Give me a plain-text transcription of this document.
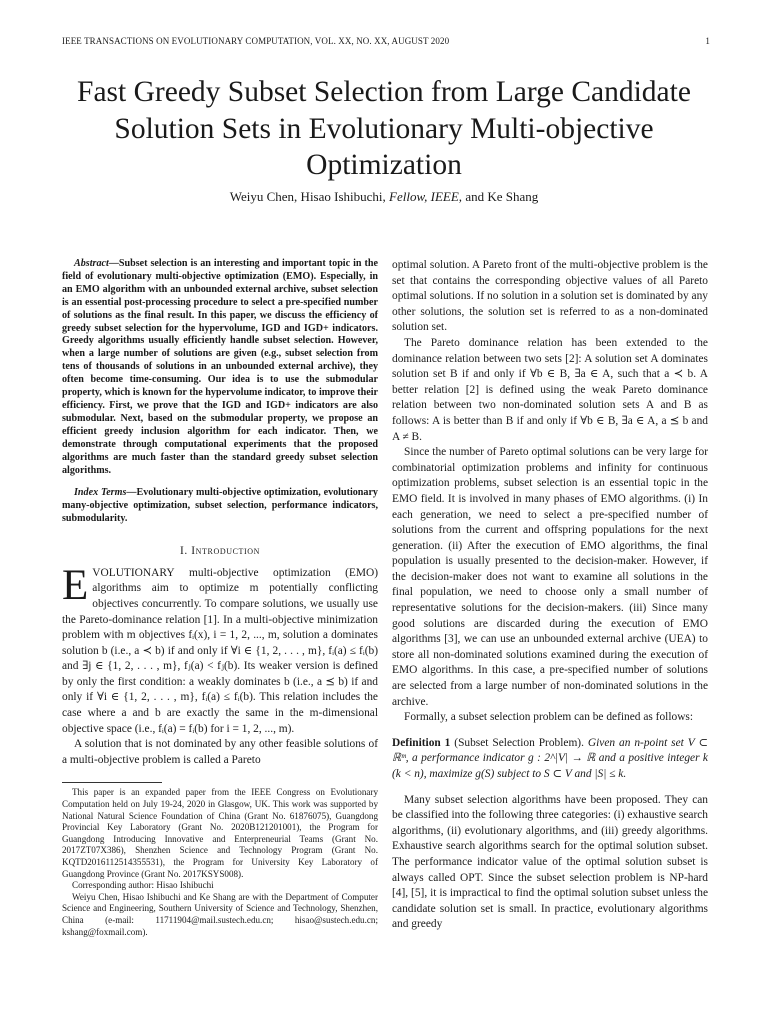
IEEE TRANSACTIONS ON EVOLUTIONARY COMPUTATION, VOL. XX, NO. XX, AUGUST 2020	1
Fast Greedy Subset Selection from Large Candidate Solution Sets in Evolutionary Multi-objective Optimization
Weiyu Chen, Hisao Ishibuchi, Fellow, IEEE, and Ke Shang

Abstract—Subset selection is an interesting and important topic in the field of evolutionary multi-objective optimization (EMO). Especially, in an EMO algorithm with an unbounded external archive, subset selection is an essential post-processing procedure to select a pre-specified number of solutions as the final result. In this paper, we discuss the efficiency of greedy subset selection for the hypervolume, IGD and IGD+ indicators. Greedy algorithms usually efficiently handle subset selection. However, when a large number of solutions are given (e.g., subset selection from tens of thousands of solutions in an unbounded external archive), they often become time-consuming. Our idea is to use the submodular property, which is known for the hypervolume indicator, to improve their efficiency. First, we prove that the IGD and IGD+ indicators are also submodular. Next, based on the submodular property, we propose an efficient greedy inclusion algorithm for each indicator. Then, we demonstrate through computational experiments that the proposed algorithms are much faster than the standard greedy subset selection algorithms.

Index Terms—Evolutionary multi-objective optimization, evolutionary many-objective optimization, subset selection, performance indicators, submodularity.

I. Introduction

EVOLUTIONARY multi-objective optimization (EMO) algorithms aim to optimize m potentially conflicting objectives concurrently. To compare solutions, we usually use the Pareto-dominance relation [1]. In a multi-objective minimization problem with m objectives fᵢ(x), i = 1, 2, ..., m, solution a dominates solution b (i.e., a ≺ b) if and only if ∀i ∈ {1, 2, . . . , m}, fᵢ(a) ≤ fᵢ(b) and ∃j ∈ {1, 2, . . . , m}, fⱼ(a) < fⱼ(b). Its weaker version is defined by only the first condition: a weakly dominates b (i.e., a ⪯ b) if and only if ∀i ∈ {1, 2, . . . , m}, fᵢ(a) ≤ fᵢ(b). This relation includes the case where a and b are exactly the same in the m-dimensional objective space (i.e., fᵢ(a) = fᵢ(b) for i = 1, 2, ..., m).

A solution that is not dominated by any other feasible solutions of a multi-objective problem is called a Pareto

This paper is an expanded paper from the IEEE Congress on Evolutionary Computation held on July 19-24, 2020 in Glasgow, UK. This work was supported by National Natural Science Foundation of China (Grant No. 61876075), Guangdong Provincial Key Laboratory (Grant No. 2020B121201001), the Program for Guangdong Introducing Innovative and Enterpreneurial Teams (Grant No. 2017ZT07X386), Shenzhen Science and Technology Program (Grant No. KQTD2016112514355531), the Program for University Key Laboratory of Guangdong Province (Grant No. 2017KSYS008).

Corresponding author: Hisao Ishibuchi

Weiyu Chen, Hisao Ishibuchi and Ke Shang are with the Department of Computer Science and Engineering, Southern University of Science and Technology, Shenzhen, China (e-mail: 11711904@mail.sustech.edu.cn; hisao@sustech.edu.cn; kshang@foxmail.com).

optimal solution. A Pareto front of the multi-objective problem is the set that contains the corresponding objective values of all Pareto optimal solutions. If no solution in a solution set is dominated by any other solutions, the solution set is referred to as a non-dominated solution set.

The Pareto dominance relation has been extended to the dominance relation between two sets [2]: A solution set A dominates solution set B if and only if ∀b ∈ B, ∃a ∈ A, such that a ≺ b. A better relation [2] is defined using the weak Pareto dominance relation between two non-dominated solution sets A and B as follows: A is better than B if and only if ∀b ∈ B, ∃a ∈ A, a ⪯ b and A ≠ B.

Since the number of Pareto optimal solutions can be very large for combinatorial optimization problems and infinity for continuous optimization problems, subset selection is an essential topic in the EMO field. It is involved in many phases of EMO algorithms. (i) In each generation, we need to select a pre-specified number of solutions from the current and offspring populations for the next generation. (ii) After the execution of EMO algorithms, the final population is usually presented to the decision-maker. However, if the decision-maker does not want to examine all solutions in the final population, we need to choose only a small number of representative solutions for the decision-makers. (iii) Since many good solutions are discarded during the execution of EMO algorithms [3], we can use an unbounded external archive (UEA) to store all non-dominated solutions examined during the execution of EMO algorithms. In this case, a pre-specified number of solutions are selected from a large number of non-dominated solutions in the archive.

Formally, a subset selection problem can be defined as follows:

Definition 1 (Subset Selection Problem). Given an n-point set V ⊂ ℝᵐ, a performance indicator g : 2^|V| → ℝ and a positive integer k (k < n), maximize g(S) subject to S ⊂ V and |S| ≤ k.

Many subset selection algorithms have been proposed. They can be classified into the following three categories: (i) exhaustive search algorithms, (ii) evolutionary algorithms, and (iii) greedy algorithms. Exhaustive search algorithms search for the optimal solution subset. The performance indicator value of the optimal solution subset is always called OPT. Since the subset selection problem is NP-hard [4], [5], it is impractical to find the optimal solution subset unless the candidate solution set is small. In practice, evolutionary algorithms and greedy
